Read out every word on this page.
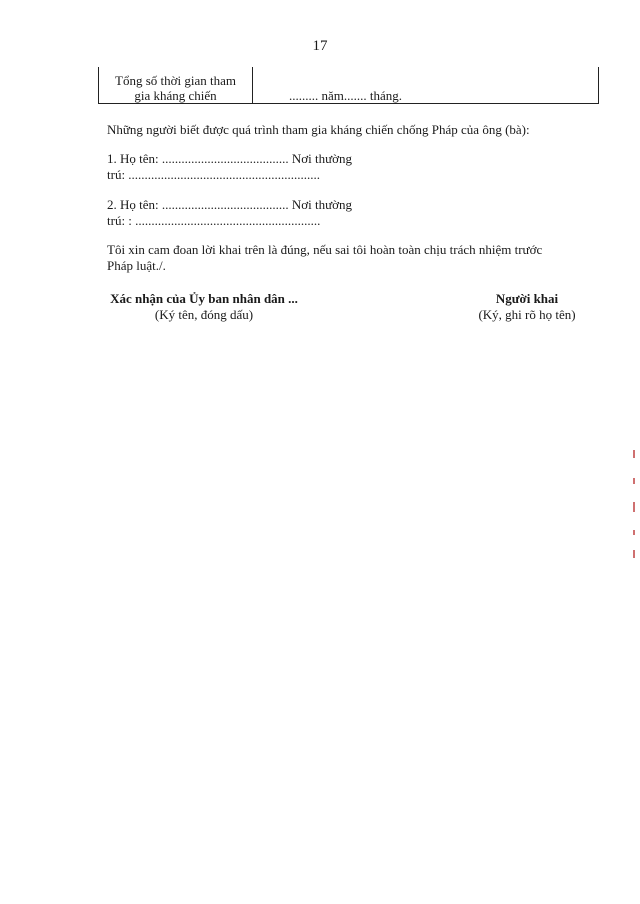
17
Tổng số thời gian tham
gia kháng chiến	......... năm....... tháng.
Những người biết được quá trình tham gia kháng chiến chống Pháp của ông (bà):
1. Họ tên: ....................................... Nơi thường
trú: ...........................................................
2. Họ tên: ....................................... Nơi thường
trú: : .........................................................
Tôi xin cam đoan lời khai trên là đúng, nếu sai tôi hoàn toàn chịu trách nhiệm trước
Pháp luật./.
Xác nhận của Ủy ban nhân dân ...
(Ký tên, đóng dấu)
Người khai
(Ký, ghi rõ họ tên)
